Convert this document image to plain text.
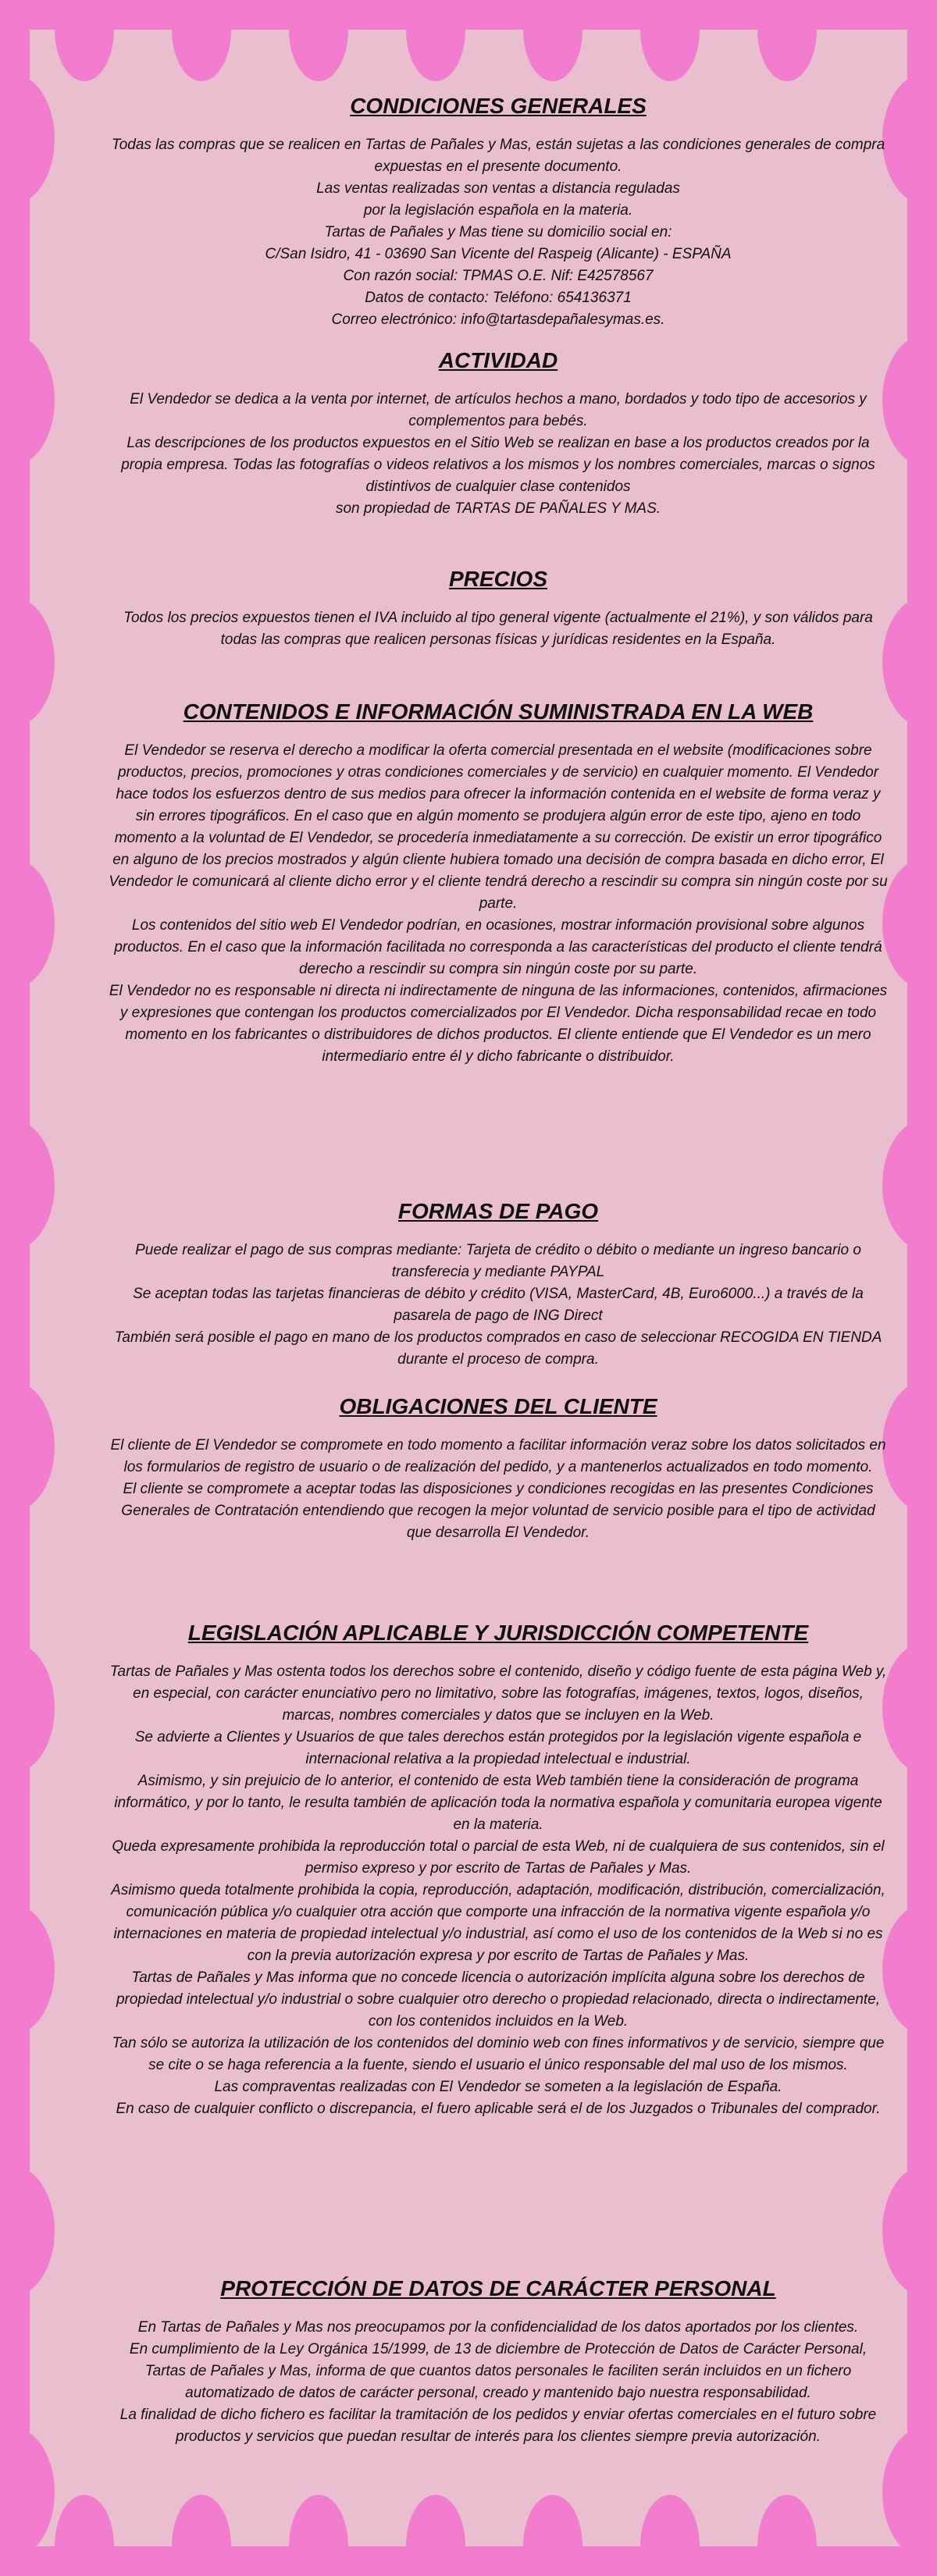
CONDICIONES GENERALES

Todas las compras que se realicen en Tartas de Pañales y Mas, están sujetas a las condiciones generales de compra expuestas en el presente documento.

Las ventas realizadas son ventas a distancia reguladas

por la legislación española en la materia.

Tartas de Pañales y Mas tiene su domicilio social en:

C/San Isidro, 41 - 03690 San Vicente del Raspeig (Alicante) - ESPAÑA

Con razón social: TPMAS O.E. Nif: E42578567

Datos de contacto: Teléfono: 654136371

Correo electrónico: info@tartasdepañalesymas.es.

ACTIVIDAD

El Vendedor se dedica a la venta por internet, de artículos hechos a mano, bordados y todo tipo de accesorios y complementos para bebés.

Las descripciones de los productos expuestos en el Sitio Web se realizan en base a los productos creados por la propia empresa. Todas las fotografías o videos relativos a los mismos y los nombres comerciales, marcas o signos distintivos de cualquier clase contenidos

son propiedad de TARTAS DE PAÑALES Y MAS.

PRECIOS

Todos los precios expuestos tienen el IVA incluido al tipo general vigente (actualmente el 21%), y son válidos para todas las compras que realicen personas físicas y jurídicas residentes en la España.

CONTENIDOS E INFORMACIÓN SUMINISTRADA EN LA WEB

El Vendedor se reserva el derecho a modificar la oferta comercial presentada en el website (modificaciones sobre productos, precios, promociones y otras condiciones comerciales y de servicio) en cualquier momento. El Vendedor hace todos los esfuerzos dentro de sus medios para ofrecer la información contenida en el website de forma veraz y sin errores tipográficos. En el caso que en algún momento se produjera algún error de este tipo, ajeno en todo momento a la voluntad de El Vendedor, se procedería inmediatamente a su corrección. De existir un error tipográfico en alguno de los precios mostrados y algún cliente hubiera tomado una decisión de compra basada en dicho error, El Vendedor le comunicará al cliente dicho error y el cliente tendrá derecho a rescindir su compra sin ningún coste por su parte.

Los contenidos del sitio web El Vendedor podrían, en ocasiones, mostrar información provisional sobre algunos productos. En el caso que la información facilitada no corresponda a las características del producto el cliente tendrá derecho a rescindir su compra sin ningún coste por su parte.

El Vendedor no es responsable ni directa ni indirectamente de ninguna de las informaciones, contenidos, afirmaciones y expresiones que contengan los productos comercializados por El Vendedor. Dicha responsabilidad recae en todo momento en los fabricantes o distribuidores de dichos productos. El cliente entiende que El Vendedor es un mero intermediario entre él y dicho fabricante o distribuidor.

FORMAS DE PAGO

Puede realizar el pago de sus compras mediante: Tarjeta de crédito o débito o mediante un ingreso bancario o transferecia y mediante PAYPAL

Se aceptan todas las tarjetas financieras de débito y crédito (VISA, MasterCard, 4B, Euro6000...) a través de la pasarela de pago de ING Direct

También será posible el pago en mano de los productos comprados en caso de seleccionar RECOGIDA EN TIENDA durante el proceso de compra.

OBLIGACIONES DEL CLIENTE

El cliente de El Vendedor se compromete en todo momento a facilitar información veraz sobre los datos solicitados en los formularios de registro de usuario o de realización del pedido, y a mantenerlos actualizados en todo momento.

El cliente se compromete a aceptar todas las disposiciones y condiciones recogidas en las presentes Condiciones Generales de Contratación entendiendo que recogen la mejor voluntad de servicio posible para el tipo de actividad que desarrolla El Vendedor.

LEGISLACIÓN APLICABLE Y JURISDICCIÓN COMPETENTE

Tartas de Pañales y Mas ostenta todos los derechos sobre el contenido, diseño y código fuente de esta página Web y, en especial, con carácter enunciativo pero no limitativo, sobre las fotografías, imágenes, textos, logos, diseños, marcas, nombres comerciales y datos que se incluyen en la Web.

Se advierte a Clientes y Usuarios de que tales derechos están protegidos por la legislación vigente española e internacional relativa a la propiedad intelectual e industrial.

Asimismo, y sin prejuicio de lo anterior, el contenido de esta Web también tiene la consideración de programa informático, y por lo tanto, le resulta también de aplicación toda la normativa española y comunitaria europea vigente en la materia.

Queda expresamente prohibida la reproducción total o parcial de esta Web, ni de cualquiera de sus contenidos, sin el permiso expreso y por escrito de Tartas de Pañales y Mas.

Asimismo queda totalmente prohibida la copia, reproducción, adaptación, modificación, distribución, comercialización, comunicación pública y/o cualquier otra acción que comporte una infracción de la normativa vigente española y/o internaciones en materia de propiedad intelectual y/o industrial, así como el uso de los contenidos de la Web si no es con la previa autorización expresa y por escrito de Tartas de Pañales y Mas.

Tartas de Pañales y Mas informa que no concede licencia o autorización implícita alguna sobre los derechos de propiedad intelectual y/o industrial o sobre cualquier otro derecho o propiedad relacionado, directa o indirectamente, con los contenidos incluidos en la Web.

Tan sólo se autoriza la utilización de los contenidos del dominio web con fines informativos y de servicio, siempre que se cite o se haga referencia a la fuente, siendo el usuario el único responsable del mal uso de los mismos.

Las compraventas realizadas con El Vendedor se someten a la legislación de España.

En caso de cualquier conflicto o discrepancia, el fuero aplicable será el de los Juzgados o Tribunales del comprador.

PROTECCIÓN DE DATOS DE CARÁCTER PERSONAL

En Tartas de Pañales y Mas nos preocupamos por la confidencialidad de los datos aportados por los clientes.

En cumplimiento de la Ley Orgánica 15/1999, de 13 de diciembre de Protección de Datos de Carácter Personal, Tartas de Pañales y Mas, informa de que cuantos datos personales le faciliten serán incluidos en un fichero automatizado de datos de carácter personal, creado y mantenido bajo nuestra responsabilidad.

La finalidad de dicho fichero es facilitar la tramitación de los pedidos y enviar ofertas comerciales en el futuro sobre productos y servicios que puedan resultar de interés para los clientes siempre previa autorización.
